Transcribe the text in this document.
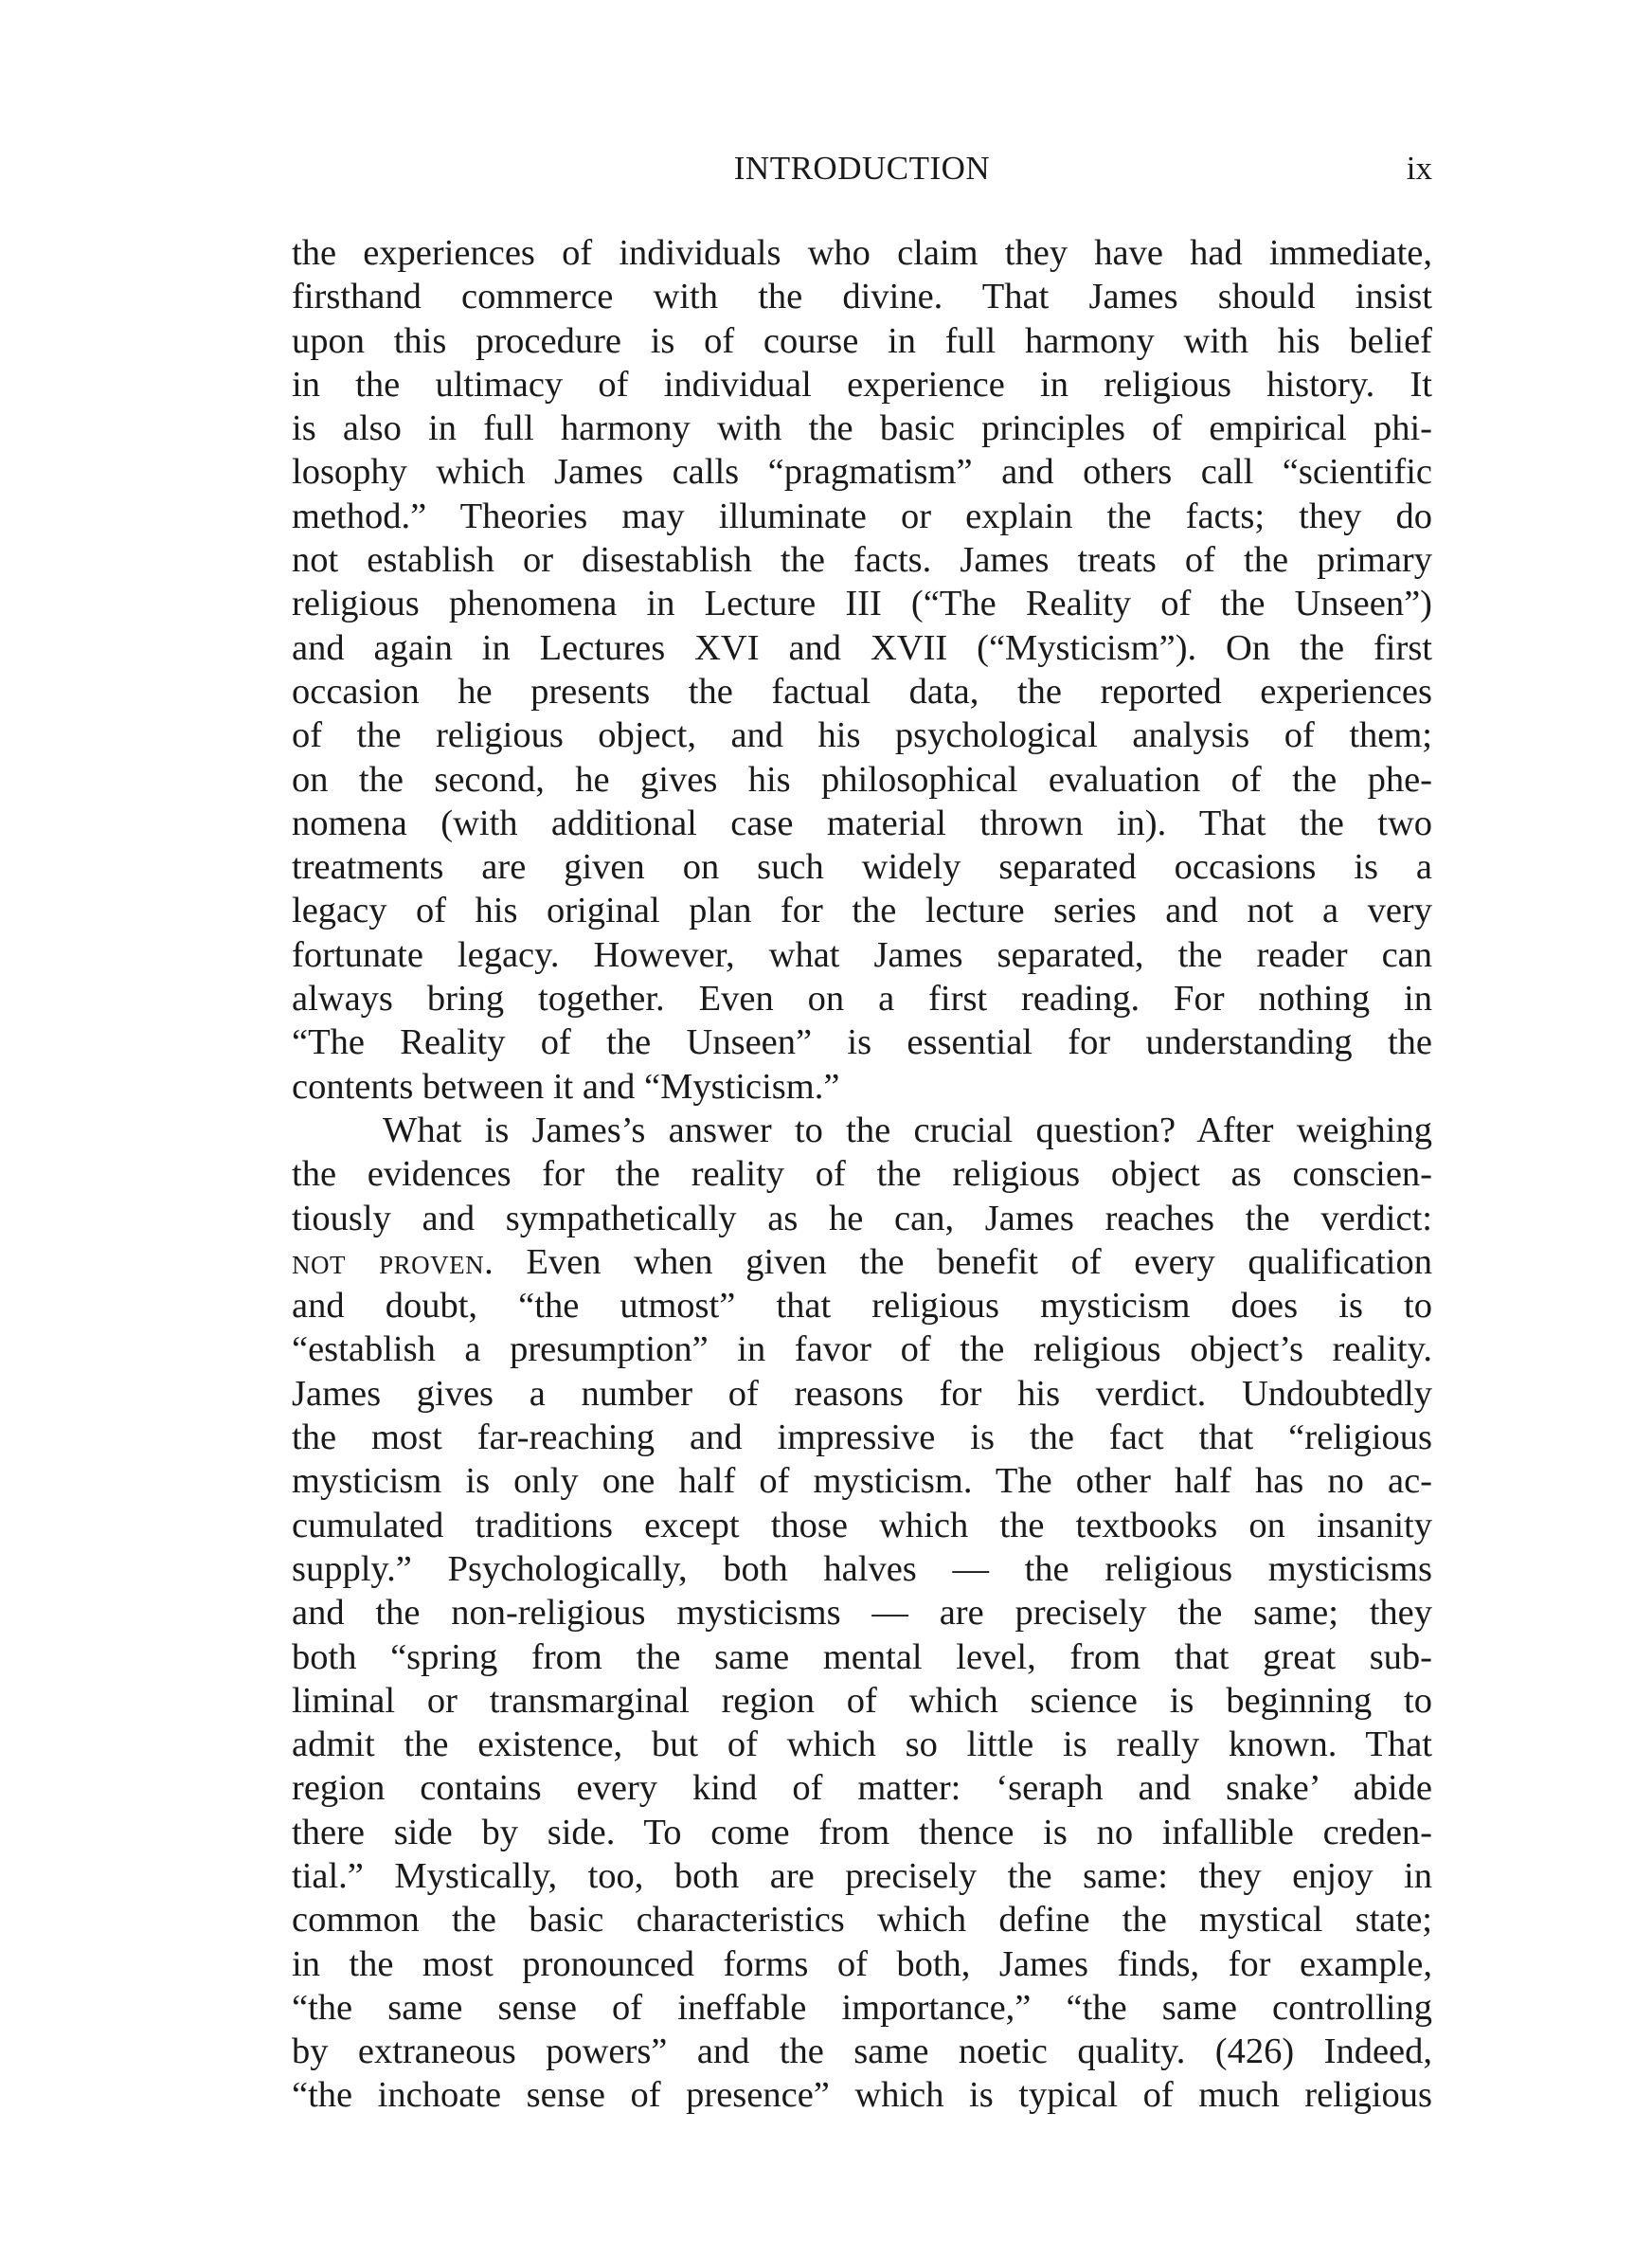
INTRODUCTION	ix
the experiences of individuals who claim they have had immediate,
firsthand commerce with the divine. That James should insist
upon this procedure is of course in full harmony with his belief
in the ultimacy of individual experience in religious history. It
is also in full harmony with the basic principles of empirical phi-
losophy which James calls “pragmatism” and others call “scientific
method.” Theories may illuminate or explain the facts; they do
not establish or disestablish the facts. James treats of the primary
religious phenomena in Lecture III (“The Reality of the Unseen”)
and again in Lectures XVI and XVII (“Mysticism”). On the first
occasion he presents the factual data, the reported experiences
of the religious object, and his psychological analysis of them;
on the second, he gives his philosophical evaluation of the phe-
nomena (with additional case material thrown in). That the two
treatments are given on such widely separated occasions is a
legacy of his original plan for the lecture series and not a very
fortunate legacy. However, what James separated, the reader can
always bring together. Even on a first reading. For nothing in
“The Reality of the Unseen” is essential for understanding the
contents between it and “Mysticism.”
What is James’s answer to the crucial question? After weighing
the evidences for the reality of the religious object as conscien-
tiously and sympathetically as he can, James reaches the verdict:
not proven. Even when given the benefit of every qualification
and doubt, “the utmost” that religious mysticism does is to
“establish a presumption” in favor of the religious object’s reality.
James gives a number of reasons for his verdict. Undoubtedly
the most far-reaching and impressive is the fact that “religious
mysticism is only one half of mysticism. The other half has no ac-
cumulated traditions except those which the textbooks on insanity
supply.” Psychologically, both halves — the religious mysticisms
and the non-religious mysticisms — are precisely the same; they
both “spring from the same mental level, from that great sub-
liminal or transmarginal region of which science is beginning to
admit the existence, but of which so little is really known. That
region contains every kind of matter: ‘seraph and snake’ abide
there side by side. To come from thence is no infallible creden-
tial.” Mystically, too, both are precisely the same: they enjoy in
common the basic characteristics which define the mystical state;
in the most pronounced forms of both, James finds, for example,
“the same sense of ineffable importance,” “the same controlling
by extraneous powers” and the same noetic quality. (426) Indeed,
“the inchoate sense of presence” which is typical of much religious
